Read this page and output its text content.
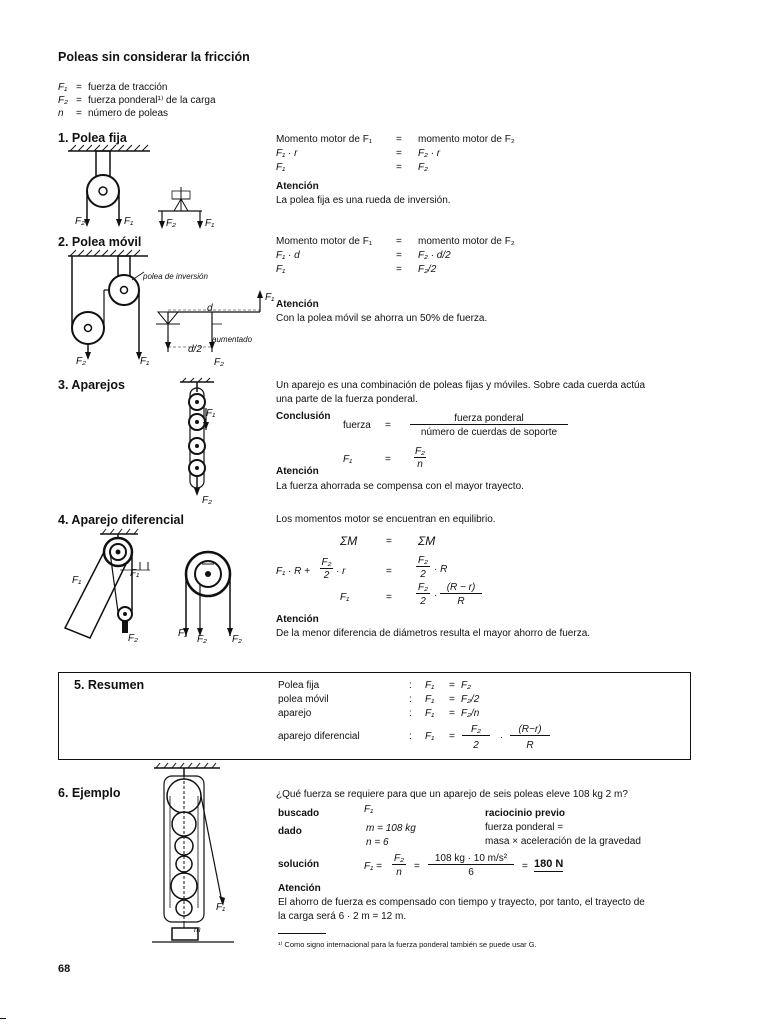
Poleas sin considerar la fricción
F₁ = fuerza de tracción
F₂ = fuerza ponderal¹⁾ de la carga
n = número de poleas
1. Polea fija
F₂	F₁	F₂	F₁
Momento motor de F₁ = momento motor de F₂
F₁ · r	= F₂ · r
F₁	= F₂
Atención
La polea fija es una rueda de inversión.
2. Polea móvil
polea de inversión
aumentado
d
d/2
F₁
F₂
F₁
F₂
Momento motor de F₁ = momento motor de F₂
F₁ · d	= F₂ · d/2
F₁	= F₂/2
Atención
Con la polea móvil se ahorra un 50% de fuerza.
3. Aparejos
F₁
F₂
Un aparejo es una combinación de poleas fijas y móviles. Sobre cada cuerda actúa
una parte de la fuerza ponderal.
Conclusión
fuerza =
fuerza ponderal
número de cuerdas de soporte
F₁	=
F₂
n
Atención
La fuerza ahorrada se compensa con el mayor trayecto.
4. Aparejo diferencial
F₁
F₁
F₂	F₁
F₂	F₂
Los momentos motor se encuentran en equilibrio.
ΣM	= ΣM
F₁ · R +
F₂
2 · r	=
F₂
2 · R
F₁	=
F₂
2
·
(R − r)
R
Atención
De la menor diferencia de diámetros resulta el mayor ahorro de fuerza.
5. Resumen	Polea fija	: F₁ = F₂
polea móvil	: F₁ = F₂/2
aparejo	: F₁ = F₂/n
aparejo diferencial	: F₁ =
F₂
2
.
(R−r)
R
6. Ejemplo
m
F₁
¿Qué fuerza se requiere para que un aparejo de seis poleas eleve 108 kg 2 m?
buscado	F₁	raciocinio previo
dado	m = 108 kg
n = 6
fuerza ponderal =
masa × aceleración de la gravedad
solución	F₁ =
F₂
n
=
108 kg · 10 m/s²
6
= 180 N
Atención
El ahorro de fuerza es compensado con tiempo y trayecto, por tanto, el trayecto de
la carga será 6 · 2 m = 12 m.
¹⁾ Como signo internacional para la fuerza ponderal también se puede usar G.
68
